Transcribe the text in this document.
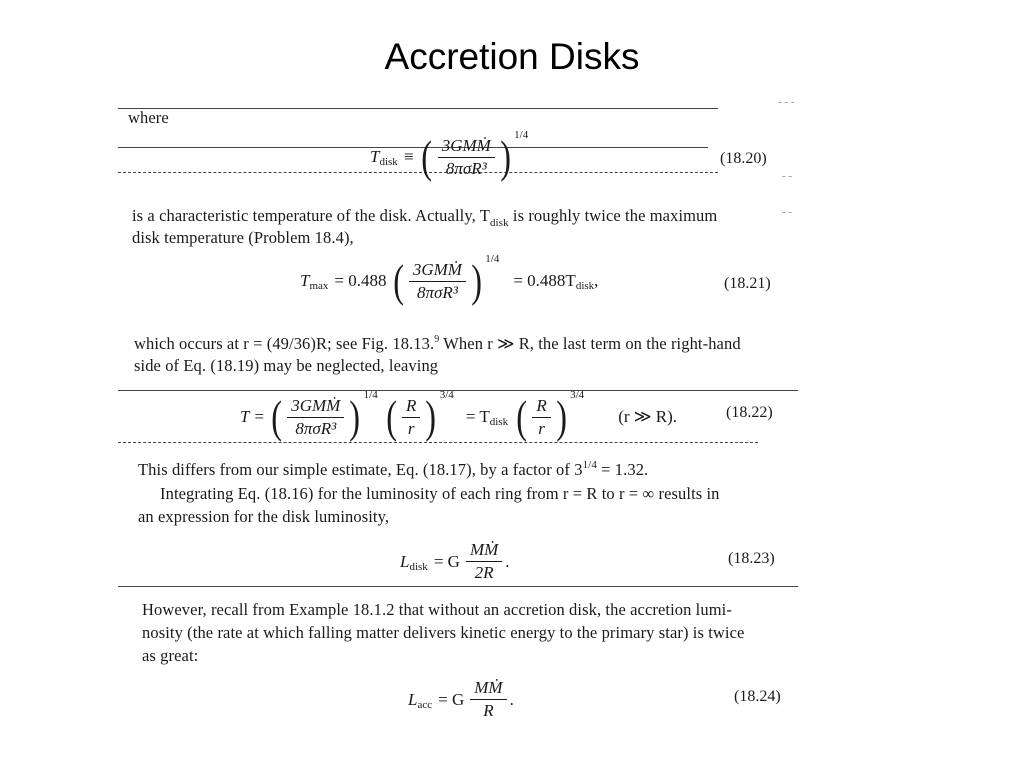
Accretion Disks
- - -
- -
- -
where
T disk ≡ ( $\frac{\text{3GMṀ}}{\text{8πσR³}}$ ) 1/4
(18.20)
is a characteristic temperature of the disk. Actually, $T_{disk}$ is roughly twice the maximum
disk temperature (Problem 18.4),
T max = 0.488 ( $\frac{\text{3GMṀ}}{\text{8πσR³}}$ ) 1/4
= 0.488T disk ,	(18.21)
which occurs at r = (49/36)R; see Fig. 18.13.$^9$ When r ≫ R, the last term on the right-hand
side of Eq. (18.19) may be neglected, leaving
T = ( $\frac{\text{3GMṀ}}{\text{8πσR³}}$ ) 1/4 ( $\frac{R}{r}$ ) 3/4
= T disk ( $\frac{R}{r}$ ) 3/4
(r ≫ R).	(18.22)
This differs from our simple estimate, Eq. (18.17), by a factor of $3^{1/4} = 1.32$.
Integrating Eq. (18.16) for the luminosity of each ring from r = R to r = ∞ results in
an expression for the disk luminosity,
L disk = G $\frac{\text{MṀ}}{2R}$ .	(18.23)
However, recall from Example 18.1.2 that without an accretion disk, the accretion lumi-
nosity (the rate at which falling matter delivers kinetic energy to the primary star) is twice
as great:
L acc = G $\frac{\text{MṀ}}{R}$ .	(18.24)
